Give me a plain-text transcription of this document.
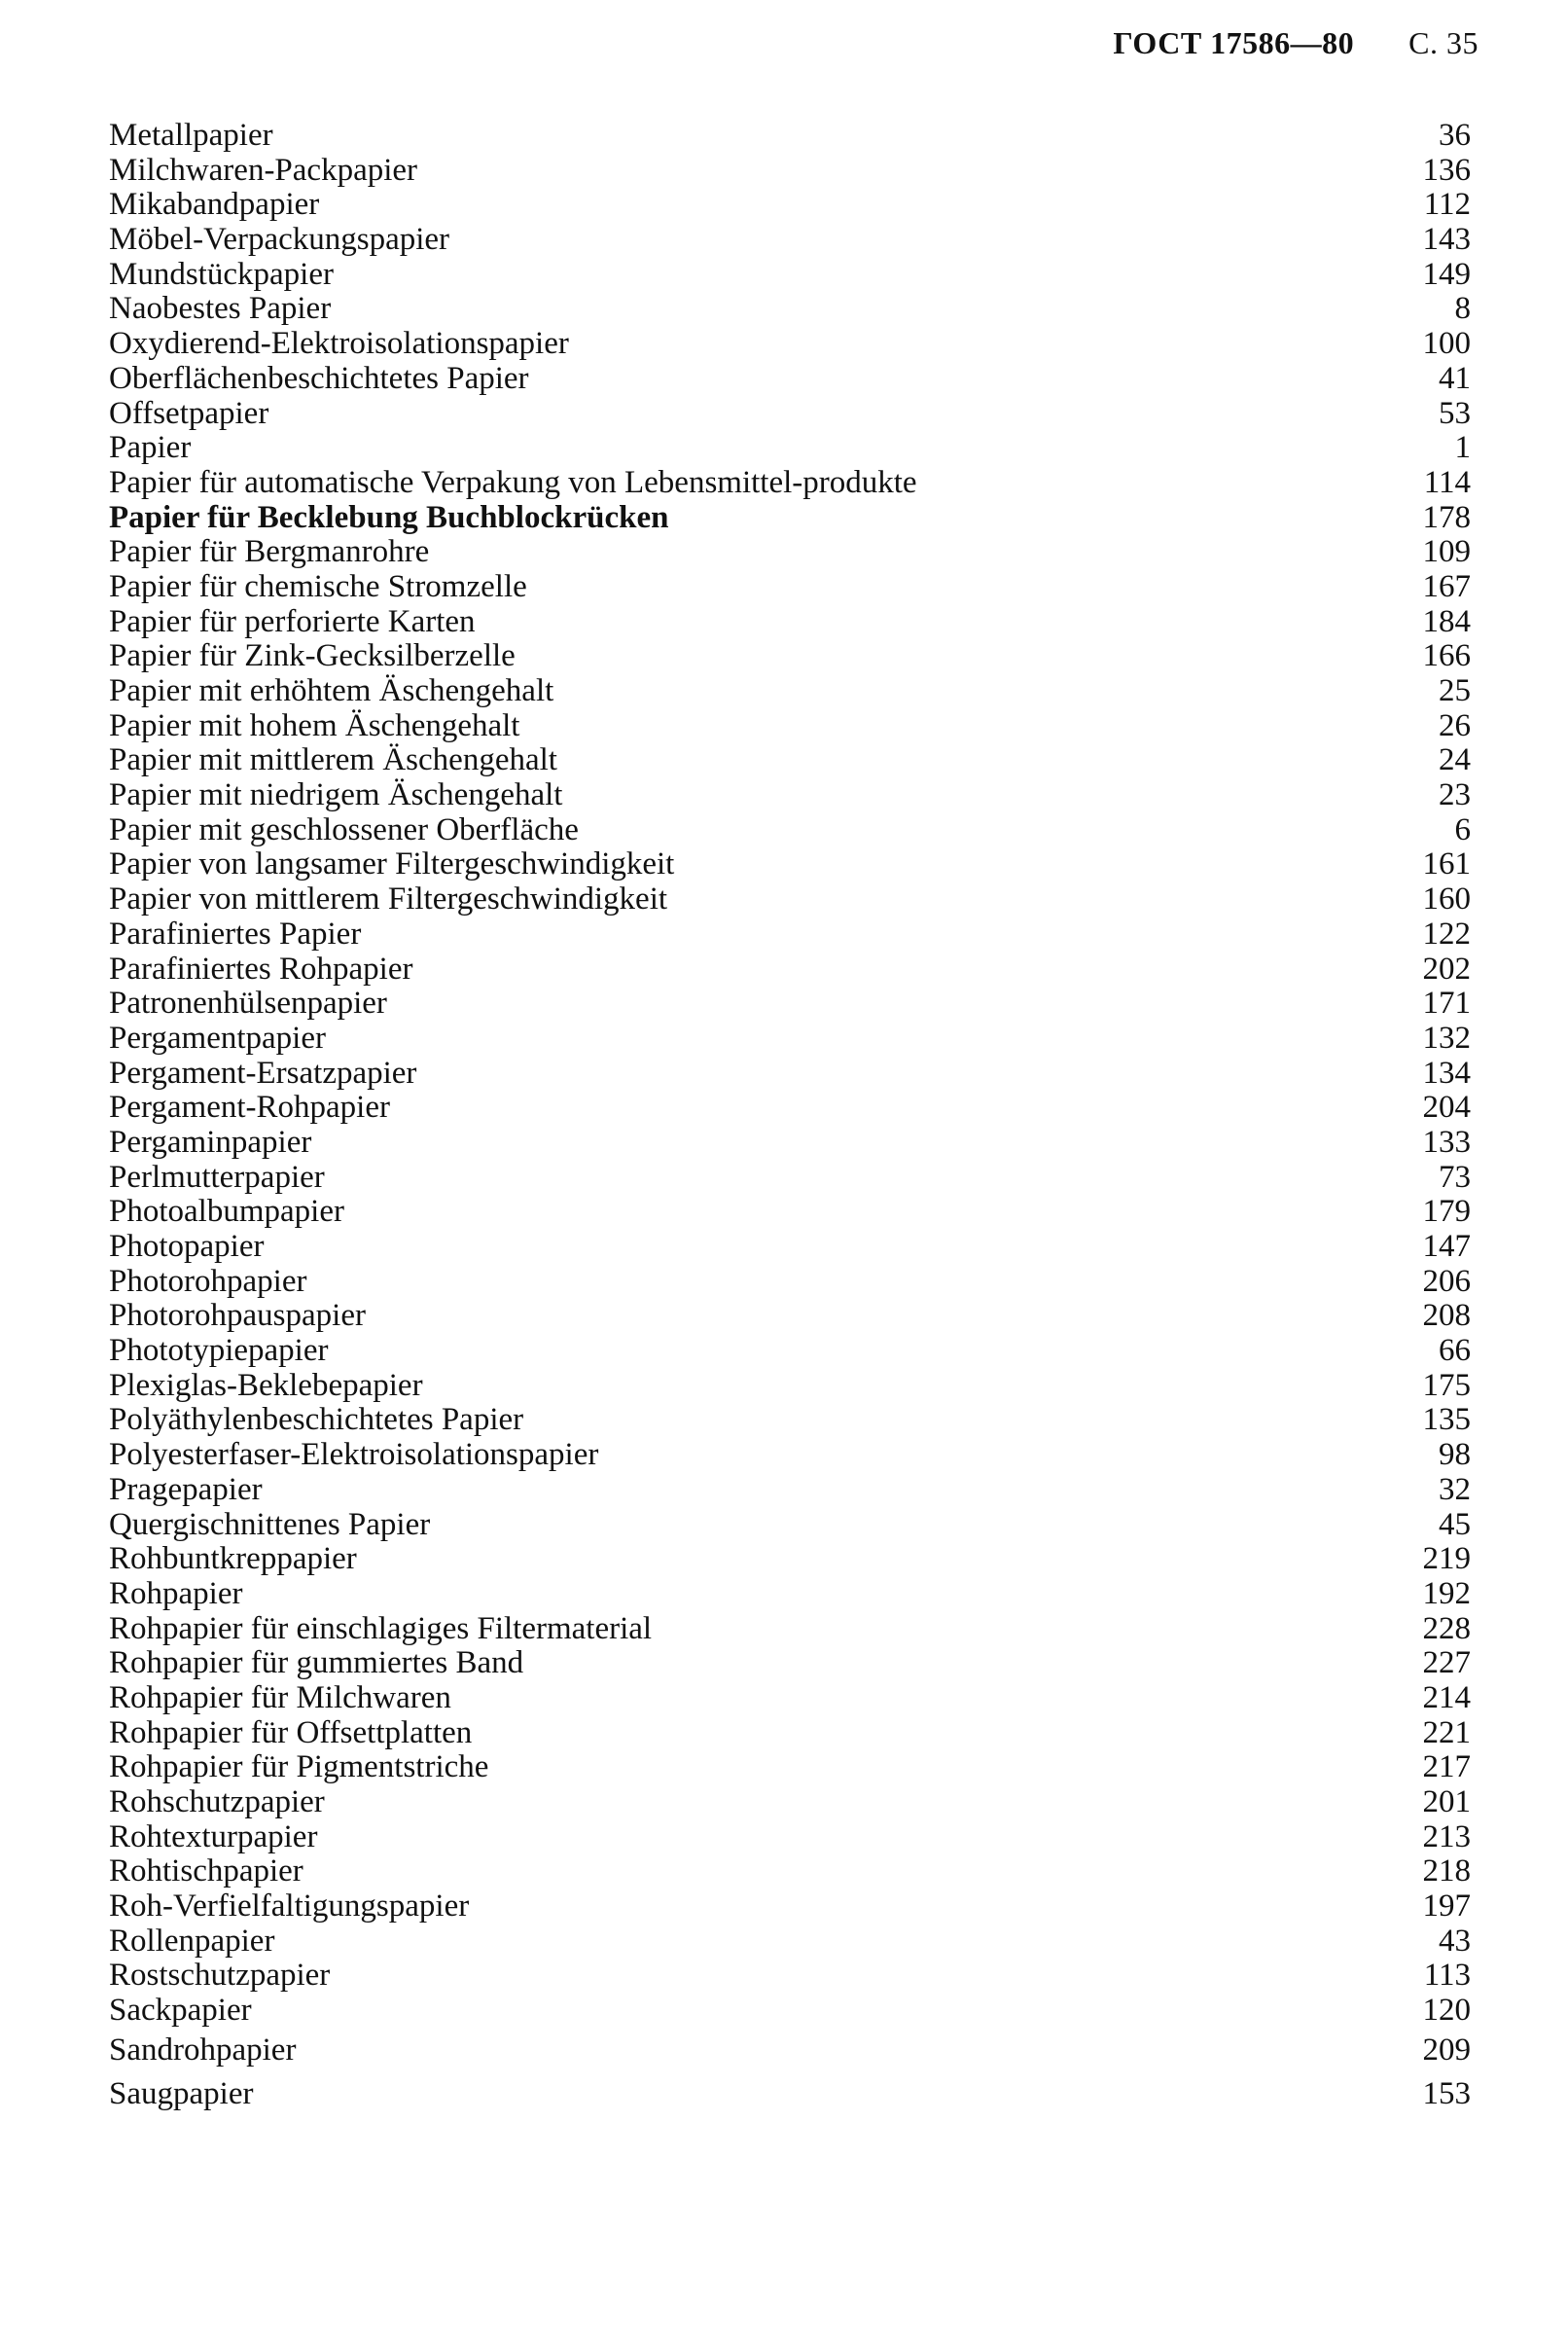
ГОСТ 17586—80 С. 35
Metallpapier	36
Milchwaren-Packpapier	136
Mikabandpapier	112
Möbel-Verpackungspapier	143
Mundstückpapier	149
Naobestes Papier	8
Oxydierend-Elektroisolationspapier	100
Oberflächenbeschichtetes Papier	41
Offsetpapier	53
Papier	1
Papier für automatische Verpakung von Lebensmittel-produkte	114
Papier für Becklebung Buchblockrücken	178
Papier für Bergmanrohre	109
Papier für chemische Stromzelle	167
Papier für perforierte Karten	184
Papier für Zink-Gecksilberzelle	166
Papier mit erhöhtem Äschengehalt	25
Papier mit hohem Äschengehalt	26
Papier mit mittlerem Äschengehalt	24
Papier mit niedrigem Äschengehalt	23
Papier mit geschlossener Oberfläche	6
Papier von langsamer Filtergeschwindigkeit	161
Papier von mittlerem Filtergeschwindigkeit	160
Parafiniertes Papier	122
Parafiniertes Rohpapier	202
Patronenhülsenpapier	171
Pergamentpapier	132
Pergament-Ersatzpapier	134
Pergament-Rohpapier	204
Pergaminpapier	133
Perlmutterpapier	73
Photoalbumpapier	179
Photopapier	147
Photorohpapier	206
Photorohpauspapier	208
Phototypiepapier	66
Plexiglas-Beklebepapier	175
Polyäthylenbeschichtetes Papier	135
Polyesterfaser-Elektroisolationspapier	98
Pragepapier	32
Quergischnittenes Papier	45
Rohbuntkreppapier	219
Rohpapier	192
Rohpapier für einschlagiges Filtermaterial	228
Rohpapier für gummiertes Band	227
Rohpapier für Milchwaren	214
Rohpapier für Offsettplatten	221
Rohpapier für Pigmentstriche	217
Rohschutzpapier	201
Rohtexturpapier	213
Rohtischpapier	218
Roh-Verfielfaltigungspapier	197
Rollenpapier	43
Rostschutzpapier	113
Sackpapier	120
Sandrohpapier	209
Saugpapier	153
